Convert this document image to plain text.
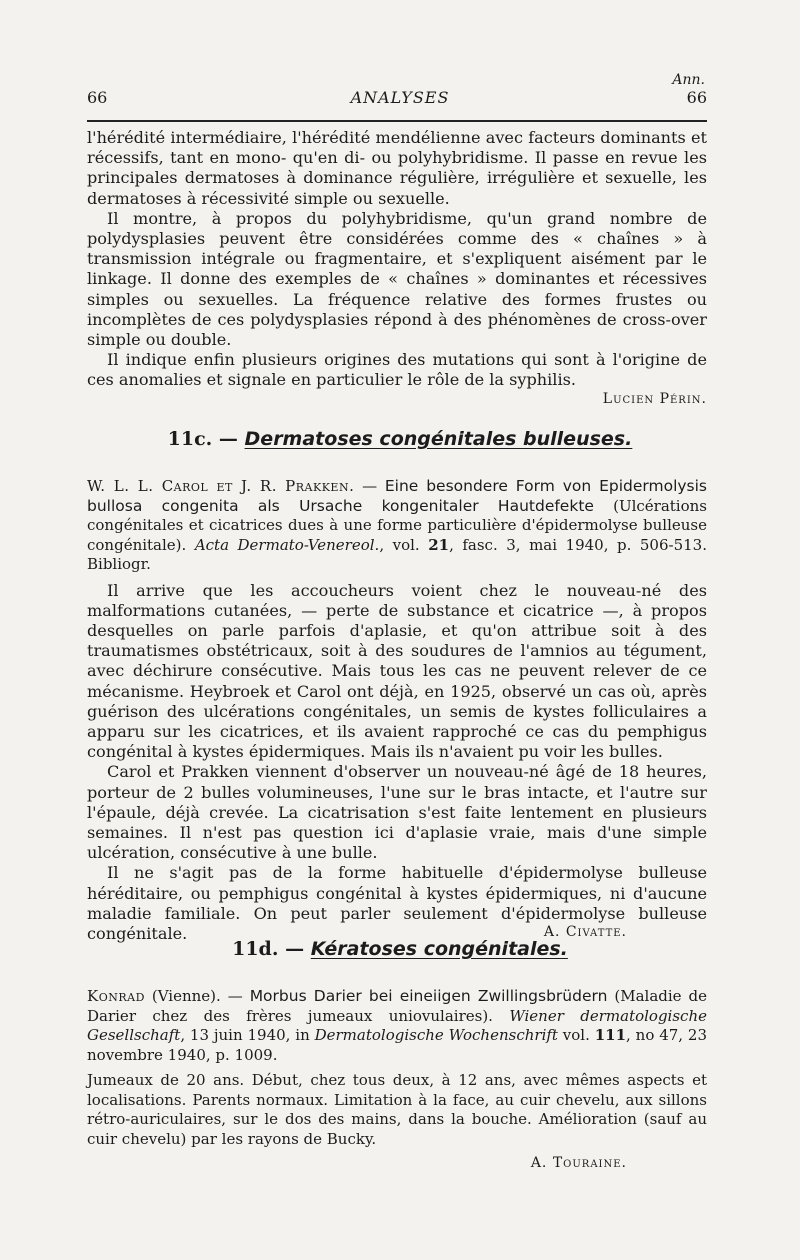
66	ANALYSES
Ann.
66

l'hérédité intermédiaire, l'hérédité mendélienne avec facteurs dominants et récessifs, tant en mono- qu'en di- ou polyhybridisme. Il passe en revue les principales dermatoses à dominance régulière, irrégulière et sexuelle, les dermatoses à récessivité simple ou sexuelle.

Il montre, à propos du polyhybridisme, qu'un grand nombre de polydysplasies peuvent être considérées comme des « chaînes » à transmission intégrale ou fragmentaire, et s'expliquent aisément par le linkage. Il donne des exemples de « chaînes » dominantes et récessives simples ou sexuelles. La fréquence relative des formes frustes ou incomplètes de ces polydysplasies répond à des phénomènes de cross-over simple ou double.

Il indique enfin plusieurs origines des mutations qui sont à l'origine de ces anomalies et signale en particulier le rôle de la syphilis.

Lucien Périn.
11c. — Dermatoses congénitales bulleuses.

W. L. L. Carol et J. R. Prakken. — Eine besondere Form von Epidermolysis bullosa congenita als Ursache kongenitaler Hautdefekte (Ulcérations congénitales et cicatrices dues à une forme particulière d'épidermolyse bulleuse congénitale). Acta Dermato-Venereol., vol. 21, fasc. 3, mai 1940, p. 506-513. Bibliogr.

Il arrive que les accoucheurs voient chez le nouveau-né des malformations cutanées, — perte de substance et cicatrice —, à propos desquelles on parle parfois d'aplasie, et qu'on attribue soit à des traumatismes obstétricaux, soit à des soudures de l'amnios au tégument, avec déchirure consécutive. Mais tous les cas ne peuvent relever de ce mécanisme. Heybroek et Carol ont déjà, en 1925, observé un cas où, après guérison des ulcérations congénitales, un semis de kystes folliculaires a apparu sur les cicatrices, et ils avaient rapproché ce cas du pemphigus congénital à kystes épidermiques. Mais ils n'avaient pu voir les bulles.

Carol et Prakken viennent d'observer un nouveau-né âgé de 18 heures, porteur de 2 bulles volumineuses, l'une sur le bras intacte, et l'autre sur l'épaule, déjà crevée. La cicatrisation s'est faite lentement en plusieurs semaines. Il n'est pas question ici d'aplasie vraie, mais d'une simple ulcération, consécutive à une bulle.

Il ne s'agit pas de la forme habituelle d'épidermolyse bulleuse héréditaire, ou pemphigus congénital à kystes épidermiques, ni d'aucune maladie familiale. On peut parler seulement d'épidermolyse bulleuse congénitale.	A. Civatte.
11d. — Kératoses congénitales.

Konrad (Vienne). — Morbus Darier bei eineiigen Zwillingsbrüdern (Maladie de Darier chez des frères jumeaux uniovulaires). Wiener dermatologische Gesellschaft, 13 juin 1940, in Dermatologische Wochenschrift vol. 111, no 47, 23 novembre 1940, p. 1009.

Jumeaux de 20 ans. Début, chez tous deux, à 12 ans, avec mêmes aspects et localisations. Parents normaux. Limitation à la face, au cuir chevelu, aux sillons rétro-auriculaires, sur le dos des mains, dans la bouche. Amélioration (sauf au cuir chevelu) par les rayons de Bucky.

A. Touraine.
